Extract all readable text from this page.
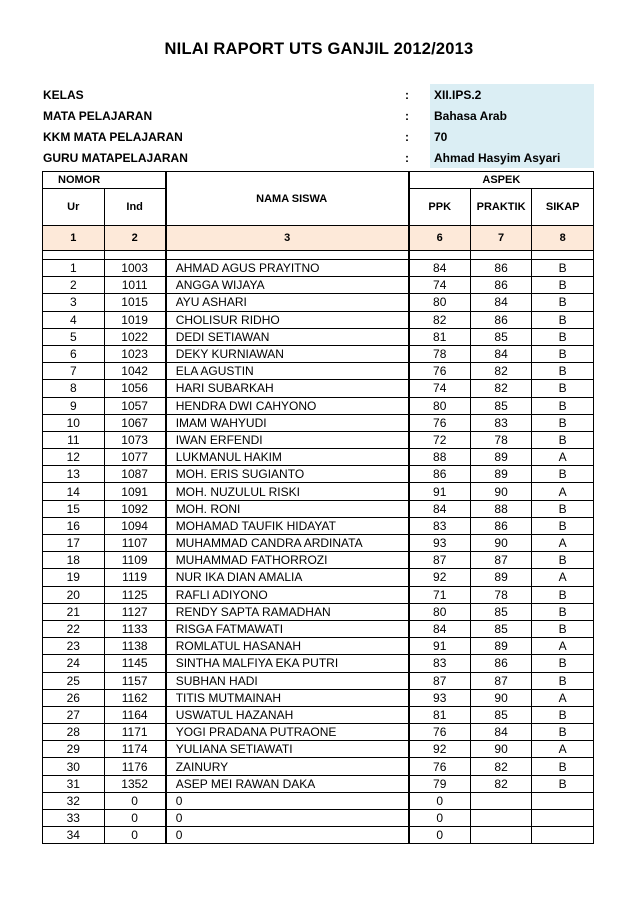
NILAI RAPORT UTS GANJIL 2012/2013
KELAS	:	XII.IPS.2
MATA PELAJARAN	:	Bahasa Arab
KKM MATA PELAJARAN	:	70
GURU MATAPELAJARAN	:	Ahmad Hasyim Asyari
NOMOR		NAMA SISWA	ASPEK		
Ur	Ind		PPK	PRAKTIK	SIKAP
1	2	3	6	7	8

1	1003	AHMAD AGUS PRAYITNO	84	86	B
2	1011	ANGGA WIJAYA	74	86	B
3	1015	AYU ASHARI	80	84	B
4	1019	CHOLISUR RIDHO	82	86	B
5	1022	DEDI SETIAWAN	81	85	B
6	1023	DEKY KURNIAWAN	78	84	B
7	1042	ELA AGUSTIN	76	82	B
8	1056	HARI SUBARKAH	74	82	B
9	1057	HENDRA DWI CAHYONO	80	85	B
10	1067	IMAM WAHYUDI	76	83	B
11	1073	IWAN ERFENDI	72	78	B
12	1077	LUKMANUL HAKIM	88	89	A
13	1087	MOH. ERIS SUGIANTO	86	89	B
14	1091	MOH. NUZULUL RISKI	91	90	A
15	1092	MOH. RONI	84	88	B
16	1094	MOHAMAD TAUFIK HIDAYAT	83	86	B
17	1107	MUHAMMAD CANDRA ARDINATA	93	90	A
18	1109	MUHAMMAD FATHORROZI	87	87	B
19	1119	NUR IKA DIAN AMALIA	92	89	A
20	1125	RAFLI ADIYONO	71	78	B
21	1127	RENDY SAPTA RAMADHAN	80	85	B
22	1133	RISGA FATMAWATI	84	85	B
23	1138	ROMLATUL HASANAH	91	89	A
24	1145	SINTHA MALFIYA EKA PUTRI	83	86	B
25	1157	SUBHAN HADI	87	87	B
26	1162	TITIS MUTMAINAH	93	90	A
27	1164	USWATUL HAZANAH	81	85	B
28	1171	YOGI PRADANA PUTRAONE	76	84	B
29	1174	YULIANA SETIAWATI	92	90	A
30	1176	ZAINURY	76	82	B
31	1352	ASEP MEI RAWAN DAKA	79	82	B
32	0	0	0		
33	0	0	0		
34	0	0	0		
